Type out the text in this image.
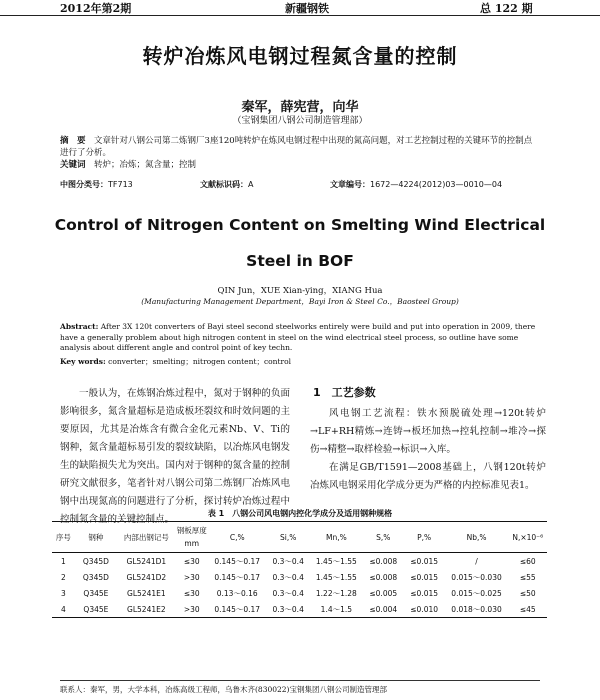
2012年第2期	新疆钢铁	总 122 期
转炉冶炼风电钢过程氮含量的控制
秦军，薛宪营，向华
（宝钢集团八钢公司制造管理部）
摘　要　 文章针对八钢公司第二炼钢厂3座120吨转炉在炼风电钢过程中出现的氮高问题，对工艺控制过程的关键环节的控制点进行了分析。
关键词　 转炉；冶炼；氮含量；控制
中图分类号：TF713	文献标识码：A	文章编号：1672—4224(2012)03—0010—04
Control of Nitrogen Content on Smelting Wind Electrical Steel in BOF
QIN Jun，XUE Xian-ying，XIANG Hua
(Manufacturing Management Department，Bayi Iron & Steel Co.，Baosteel Group)
Abstract: After 3X 120t converters of Bayi steel second steelworks entirely were build and put into operation in 2009, there have a generally problem about high nitrogen content in steel on the wind electrical steel process, so outline have some analysis about different angle and control point of key techn.
Key words: converter；smelting；nitrogen content；control
一般认为，在炼钢冶炼过程中，氮对于钢种的负面影响很多，氮含量超标是造成板坯裂纹和时效问题的主要原因，尤其是冶炼含有微合金化元素Nb、V、Ti的钢种，氮含量超标易引发的裂纹缺陷，以冶炼风电钢发生的缺陷损失尤为突出。国内对于钢种的氮含量的控制研究文献很多，笔者针对八钢公司第二炼钢厂冶炼风电钢中出现氮高的问题进行了分析，探讨转炉冶炼过程中控制氮含量的关键控制点。
1　工艺参数
风电钢工艺流程：铁水预脱硫处理→120t转炉→LF+RH精炼→连铸→板坯加热→控轧控制→堆冷→探伤→精整→取样检验→标识→入库。
在满足GB/T1591—2008基础上，八钢120t转炉冶炼风电钢采用化学成分更为严格的内控标准见表1。
表 1　八钢公司风电钢内控化学成分及适用钢种规格
序号	钢种	内部出钢记号	钢板厚度mm	C,%	Si,%	Mn,%	S,%	P,%	Nb,%	N,×10⁻⁶
1	Q345D	GL5241D1	≤30	0.145～0.17	0.3～0.4	1.45～1.55	≤0.008	≤0.015	/	≤60
2	Q345D	GL5241D2	>30	0.145～0.17	0.3～0.4	1.45～1.55	≤0.008	≤0.015	0.015～0.030	≤55
3	Q345E	GL5241E1	≤30	0.13～0.16	0.3～0.4	1.22～1.28	≤0.005	≤0.015	0.015～0.025	≤50
4	Q345E	GL5241E2	>30	0.145～0.17	0.3～0.4	1.4～1.5	≤0.004	≤0.010	0.018～0.030	≤45
联系人：秦军，男，大学本科，冶炼高级工程师，乌鲁木齐(830022)宝钢集团八钢公司制造管理部
